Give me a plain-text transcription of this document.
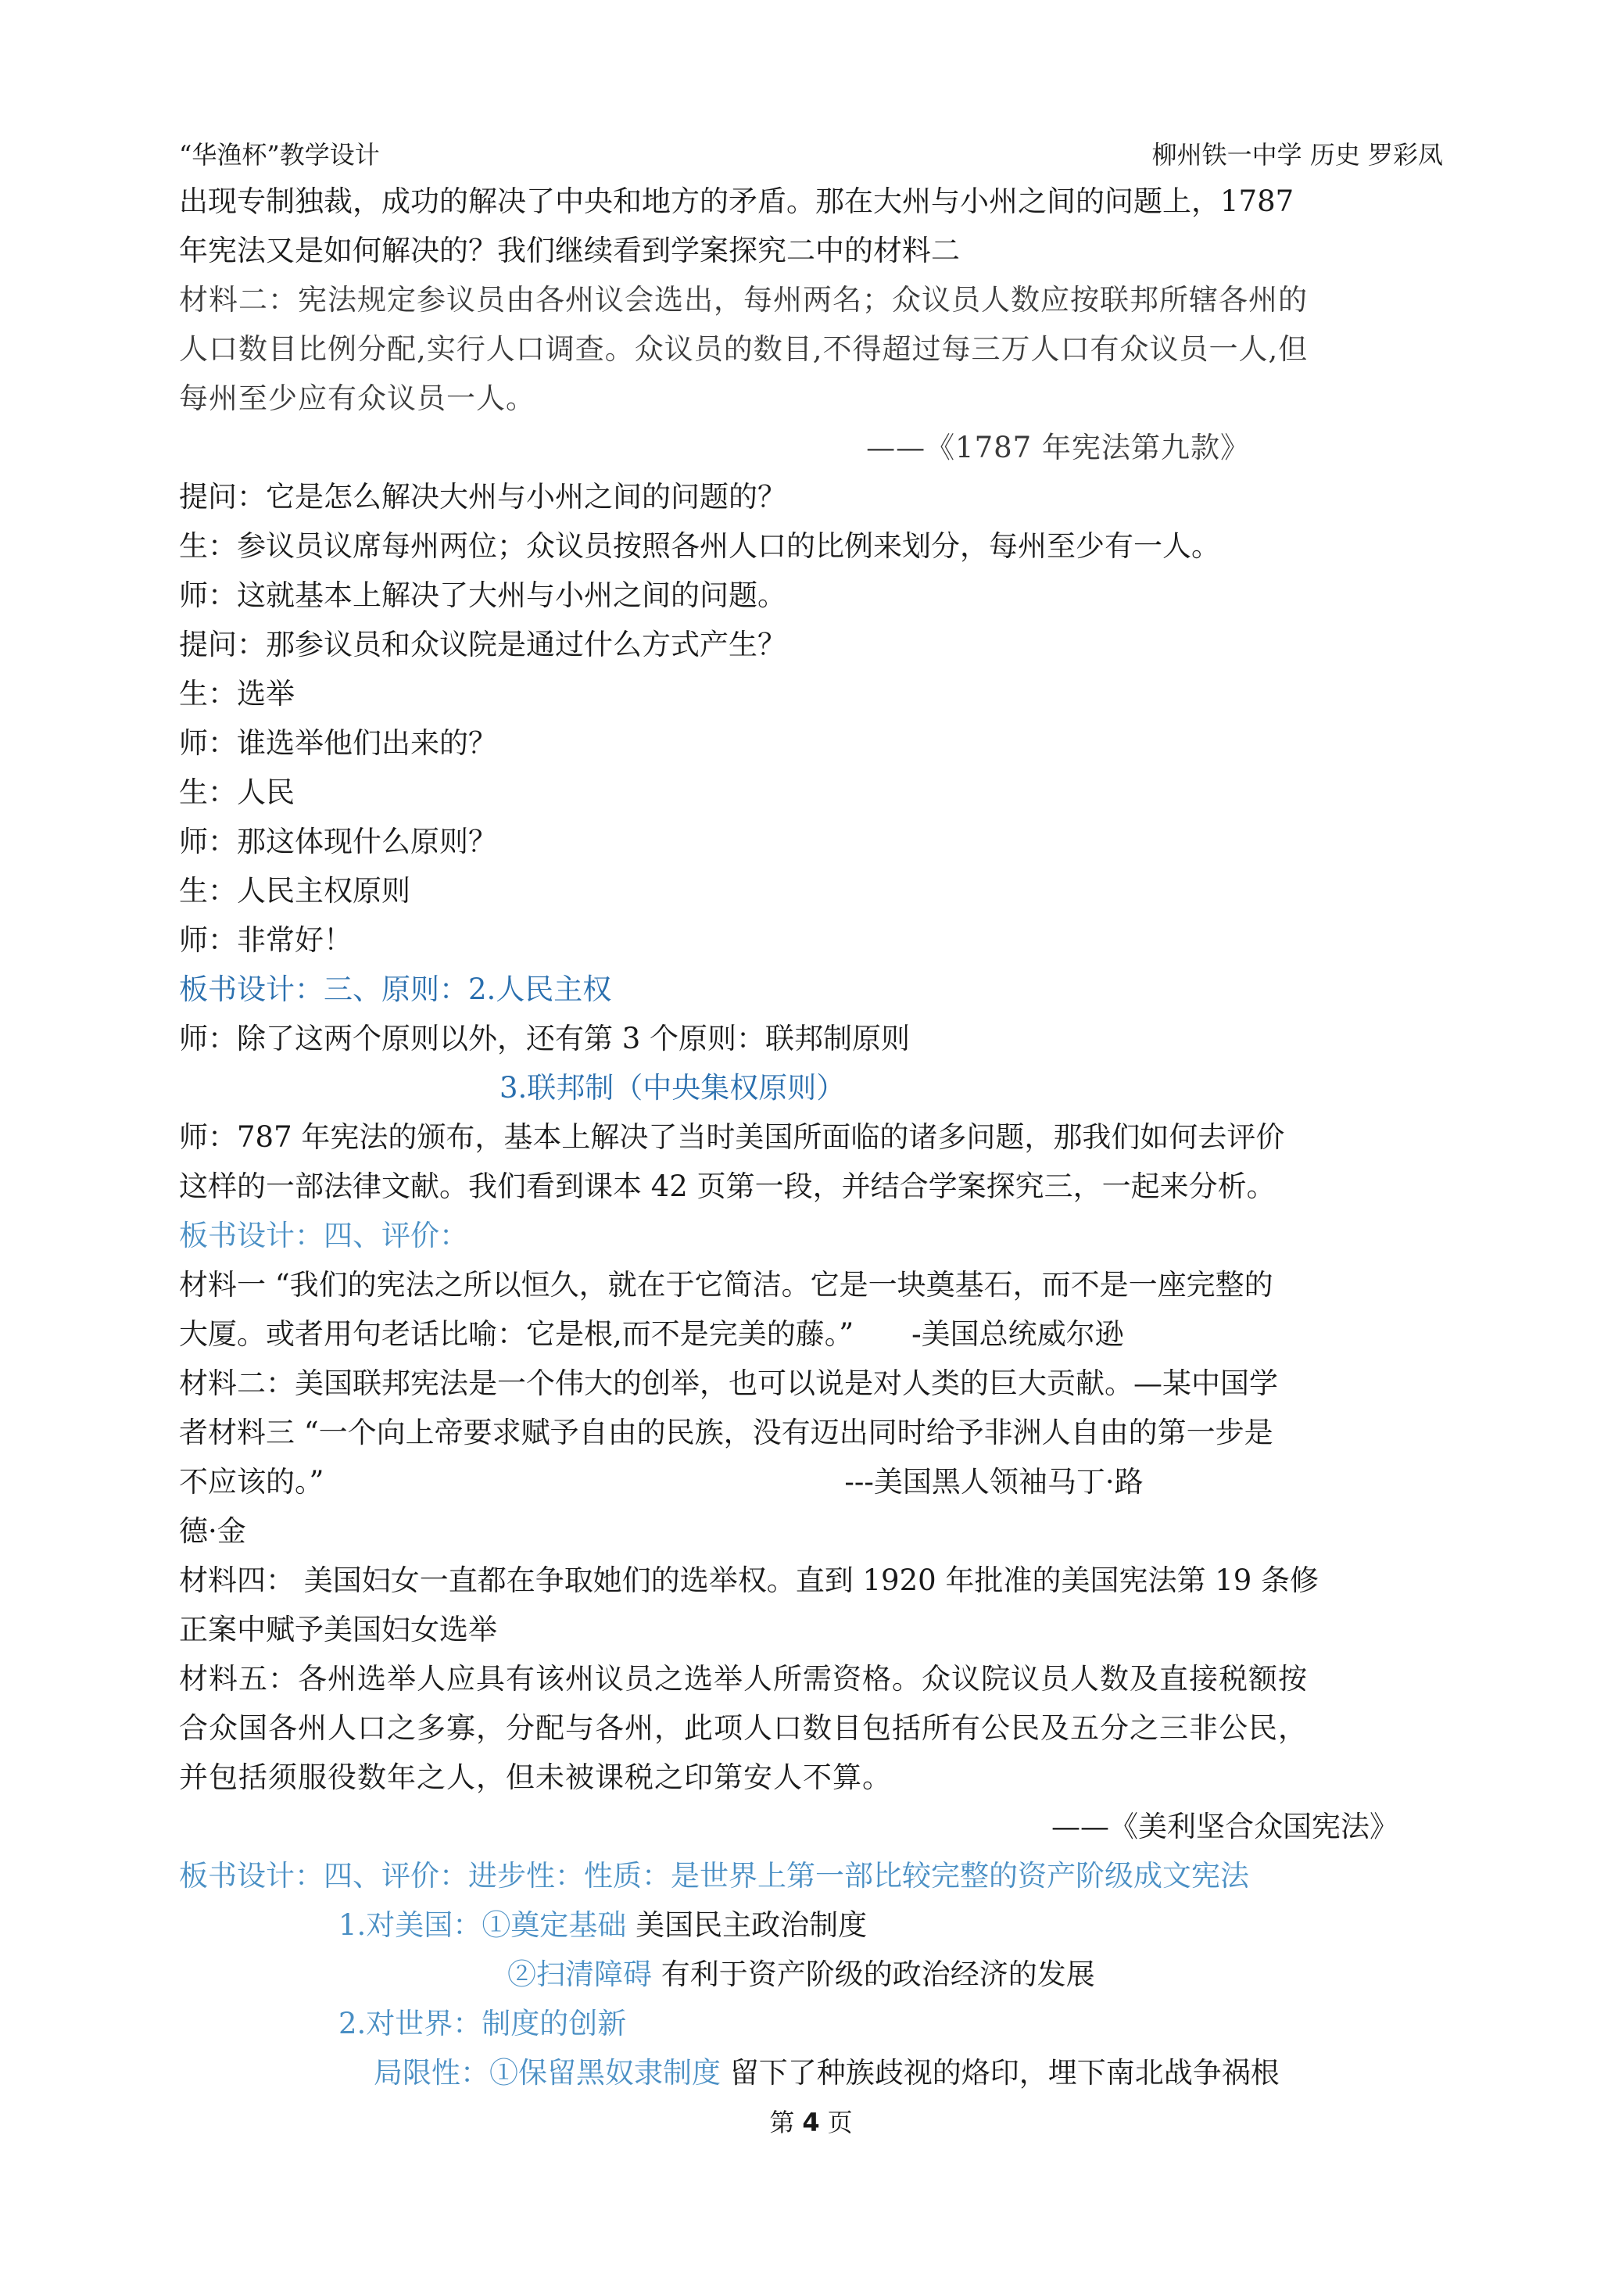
“华渔杯”教学设计	柳州铁一中学 历史 罗彩凤
出现专制独裁，成功的解决了中央和地方的矛盾。那在大州与小州之间的问题上，1787
年宪法又是如何解决的？我们继续看到学案探究二中的材料二
材料二：宪法规定参议员由各州议会选出，每州两名；众议员人数应按联邦所辖各州的
人口数目比例分配,实行人口调查。众议员的数目,不得超过每三万人口有众议员一人,但
每州至少应有众议员一人。
——《1787 年宪法第九款》
提问：它是怎么解决大州与小州之间的问题的？
生：参议员议席每州两位；众议员按照各州人口的比例来划分，每州至少有一人。
师：这就基本上解决了大州与小州之间的问题。
提问：那参议员和众议院是通过什么方式产生？
生：选举
师：谁选举他们出来的？
生：人民
师：那这体现什么原则？
生：人民主权原则
师：非常好！
板书设计：三、原则：2.人民主权
师：除了这两个原则以外，还有第 3 个原则：联邦制原则
3.联邦制（中央集权原则）
师：787 年宪法的颁布，基本上解决了当时美国所面临的诸多问题，那我们如何去评价
这样的一部法律文献。我们看到课本 42 页第一段，并结合学案探究三，一起来分析。
板书设计：四、评价：
材料一 “我们的宪法之所以恒久，就在于它简洁。它是一块奠基石，而不是一座完整的
大厦。或者用句老话比喻：它是根,而不是完美的藤。”　　-美国总统威尔逊
材料二：美国联邦宪法是一个伟大的创举，也可以说是对人类的巨大贡献。—某中国学
者材料三 “一个向上帝要求赋予自由的民族，没有迈出同时给予非洲人自由的第一步是
不应该的。”　　　　　　　　　　　　　　　　　　---美国黑人领袖马丁·路
德·金
材料四： 美国妇女一直都在争取她们的选举权。直到 1920 年批准的美国宪法第 19 条修
正案中赋予美国妇女选举
材料五：各州选举人应具有该州议员之选举人所需资格。众议院议员人数及直接税额按
合众国各州人口之多寡，分配与各州，此项人口数目包括所有公民及五分之三非公民，
并包括须服役数年之人，但未被课税之印第安人不算。
——《美利坚合众国宪法》
板书设计：四、评价：进步性：性质：是世界上第一部比较完整的资产阶级成文宪法
1.对美国：①奠定基础 美国民主政治制度
②扫清障碍 有利于资产阶级的政治经济的发展
2.对世界：制度的创新
局限性：①保留黑奴隶制度 留下了种族歧视的烙印，埋下南北战争祸根
第 4 页
